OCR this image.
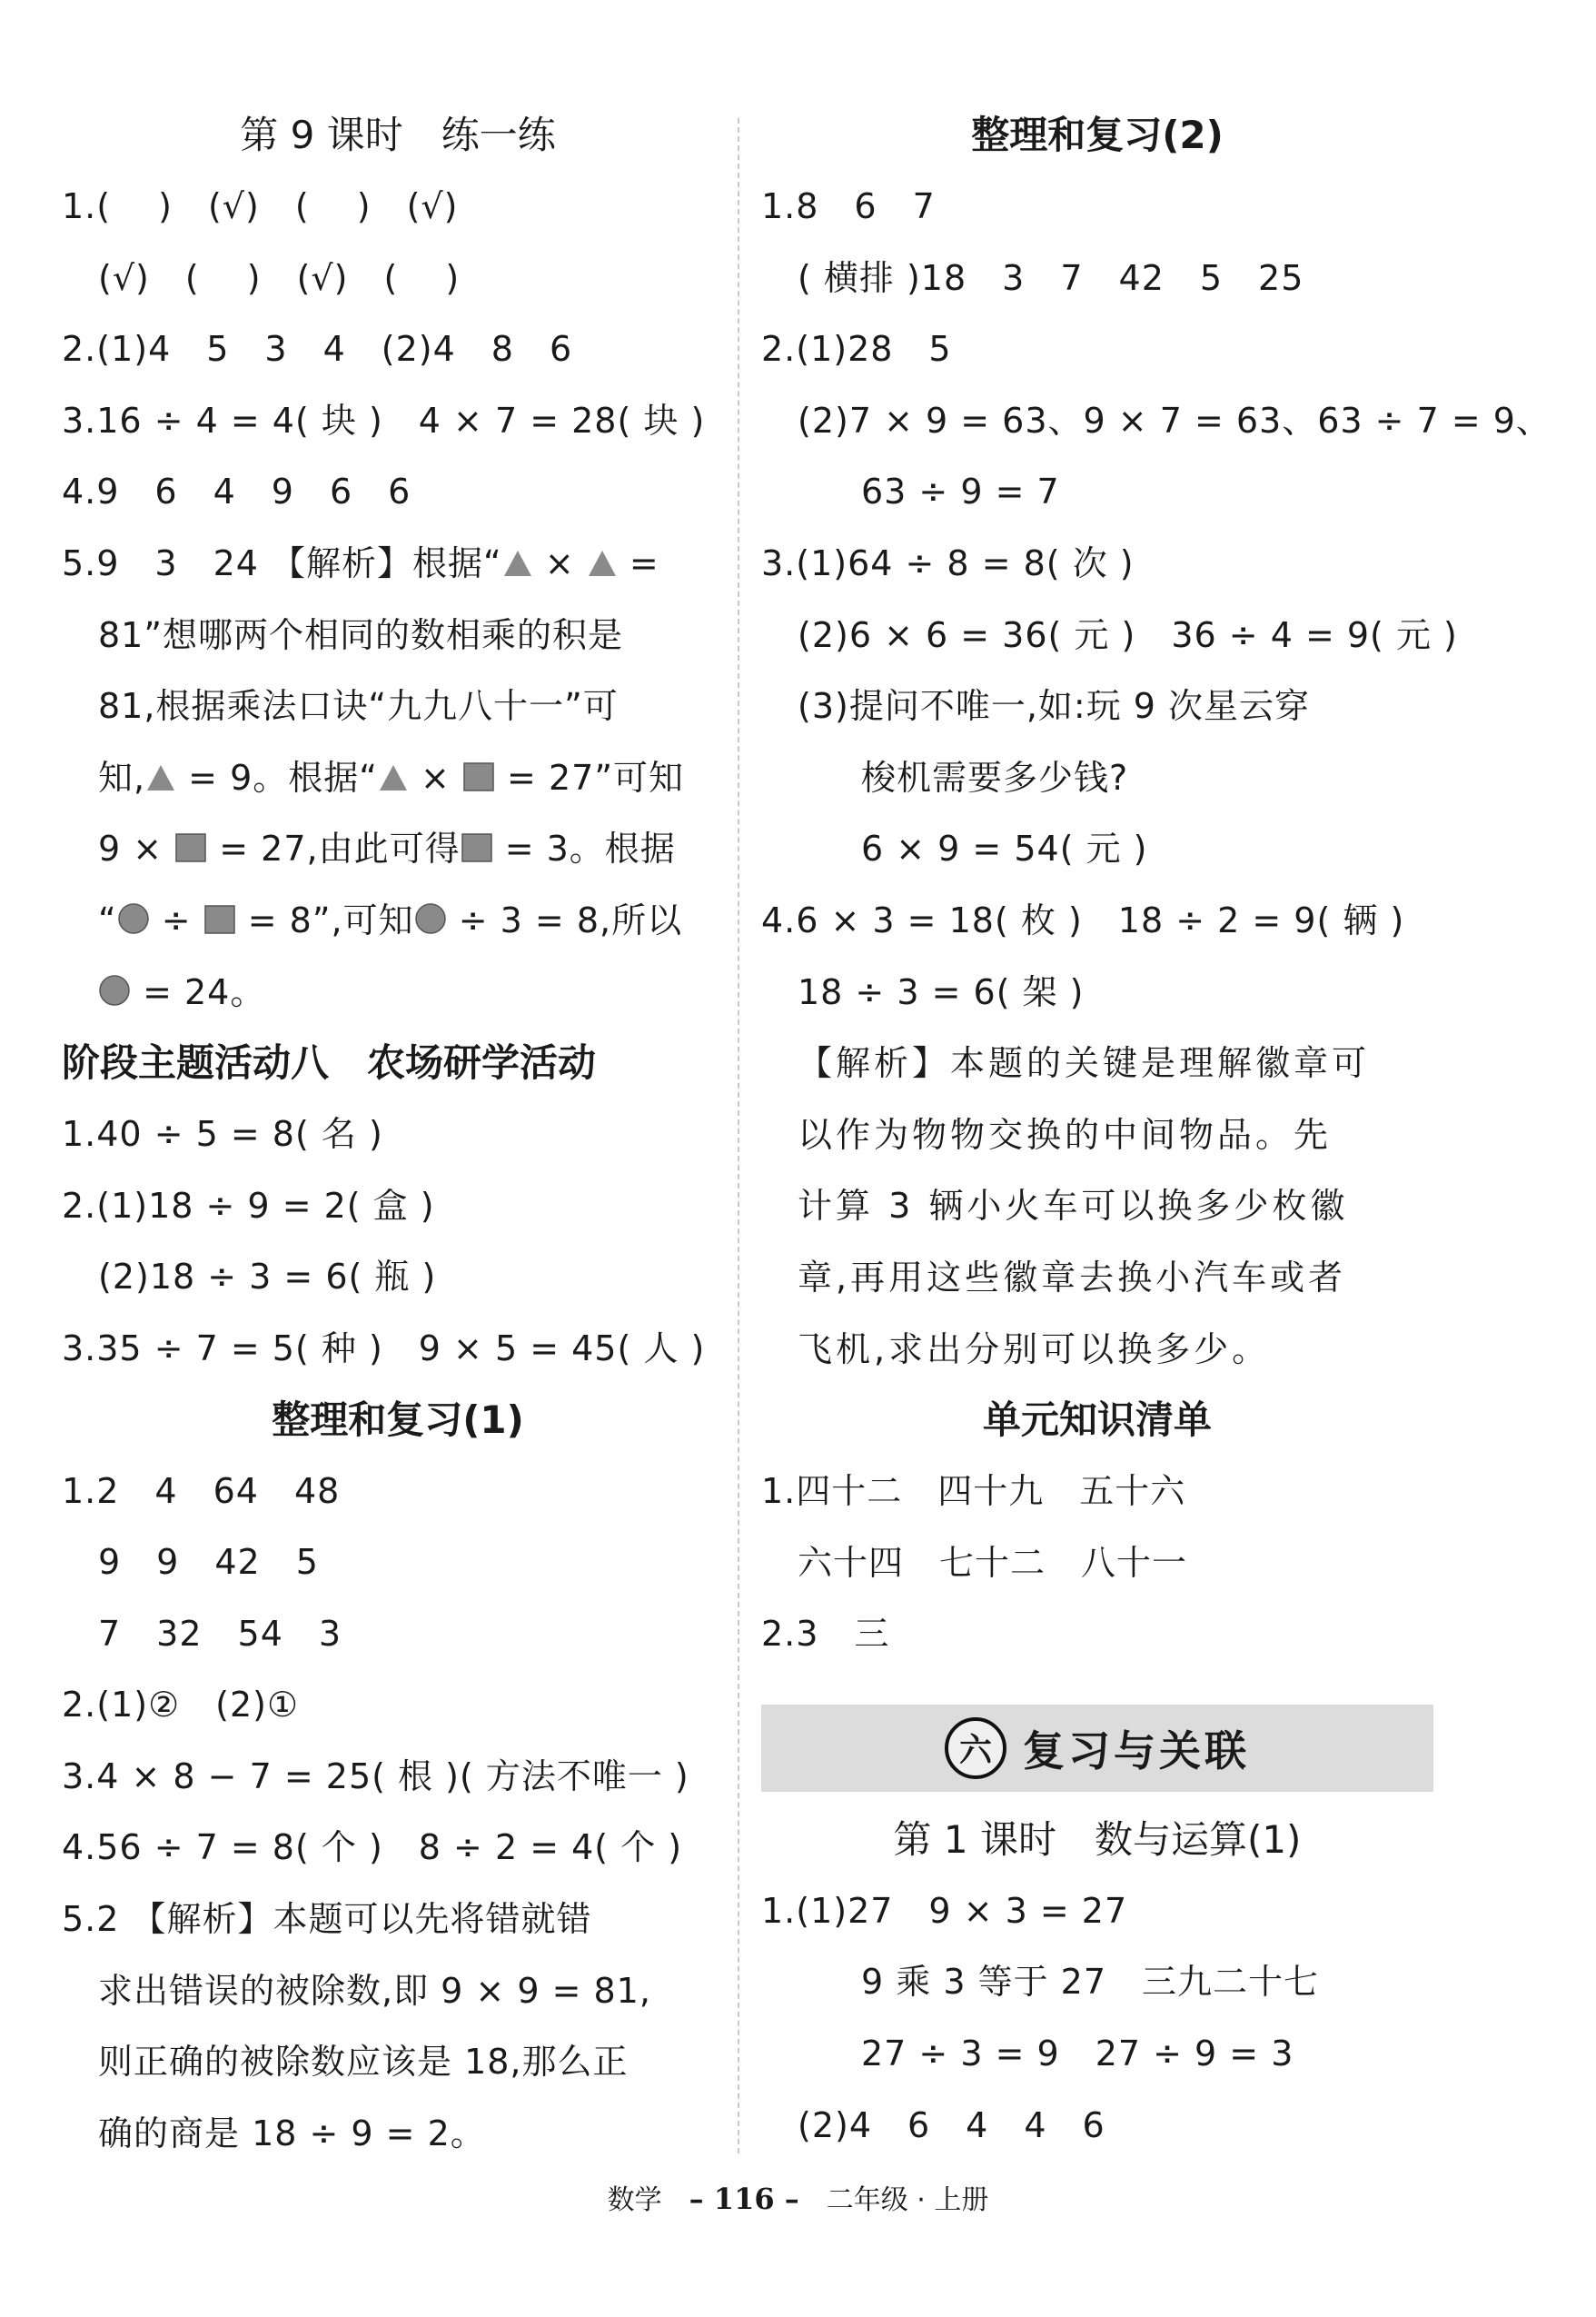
第 9 课时　练一练
1.(　 )　(√)　(　 )　(√)
(√)　(　 )　(√)　(　 )
2.(1)4　5　3　4　(2)4　8　6
3.16 ÷ 4 = 4( 块 )　4 × 7 = 28( 块 )
4.9　6　4　9　6　6
5.9　3　24 【解析】根据“ ×  =
81”想哪两个相同的数相乘的积是
81,根据乘法口诀“九九八十一”可
知, = 9。根据“ ×  = 27”可知
9 ×  = 27,由此可得 = 3。根据
“ ÷  = 8”,可知 ÷ 3 = 8,所以
= 24。
阶段主题活动八　农场研学活动
1.40 ÷ 5 = 8( 名 )
2.(1)18 ÷ 9 = 2( 盒 )
(2)18 ÷ 3 = 6( 瓶 )
3.35 ÷ 7 = 5( 种 )　9 × 5 = 45( 人 )
整理和复习(1)
1.2　4　64　48
9　9　42　5
7　32　54　3
2.(1)②　(2)①
3.4 × 8 − 7 = 25( 根 )( 方法不唯一 )
4.56 ÷ 7 = 8( 个 )　8 ÷ 2 = 4( 个 )
5.2 【解析】本题可以先将错就错
求出错误的被除数,即 9 × 9 = 81,
则正确的被除数应该是 18,那么正
确的商是 18 ÷ 9 = 2。
整理和复习(2)
1.8　6　7
( 横排 )18　3　7　42　5　25
2.(1)28　5
(2)7 × 9 = 63、9 × 7 = 63、63 ÷ 7 = 9、
63 ÷ 9 = 7
3.(1)64 ÷ 8 = 8( 次 )
(2)6 × 6 = 36( 元 )　36 ÷ 4 = 9( 元 )
(3)提问不唯一,如:玩 9 次星云穿
梭机需要多少钱?
6 × 9 = 54( 元 )
4.6 × 3 = 18( 枚 )　18 ÷ 2 = 9( 辆 )
18 ÷ 3 = 6( 架 )
【解析】本题的关键是理解徽章可
以作为物物交换的中间物品。先
计算 3 辆小火车可以换多少枚徽
章,再用这些徽章去换小汽车或者
飞机,求出分别可以换多少。
单元知识清单
1.四十二　四十九　五十六
六十四　七十二　八十一
2.3　三
六 复习与关联
第 1 课时　数与运算(1)
1.(1)27　9 × 3 = 27
9 乘 3 等于 27　三九二十七
27 ÷ 3 = 9　27 ÷ 9 = 3
(2)4　6　4　4　6
数学　 – 116 –　 二年级 · 上册
